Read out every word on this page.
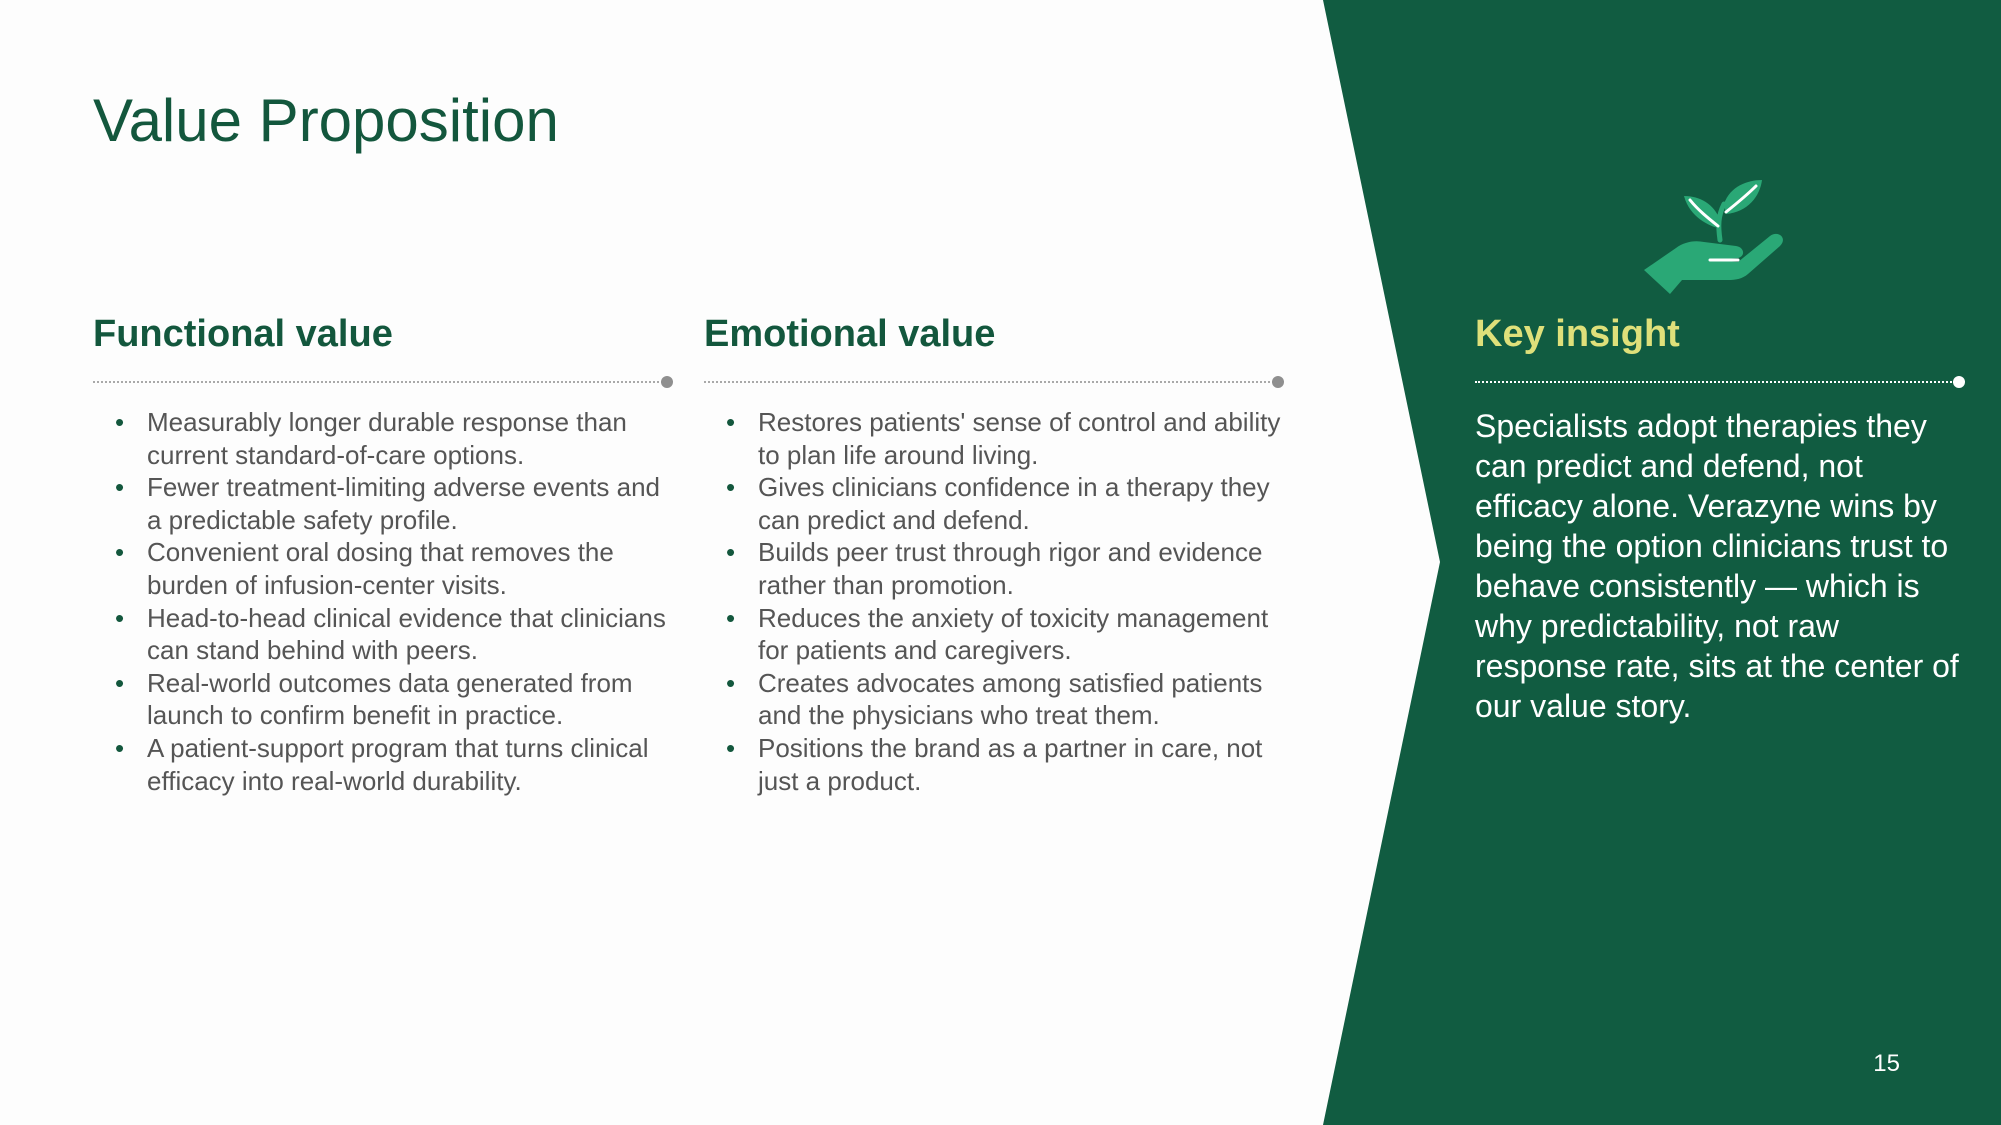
Value Proposition
Functional value
• Measurably longer durable response than current standard-of-care options.
• Fewer treatment-limiting adverse events and a predictable safety profile.
• Convenient oral dosing that removes the burden of infusion-center visits.
• Head-to-head clinical evidence that clinicians can stand behind with peers.
• Real-world outcomes data generated from launch to confirm benefit in practice.
• A patient-support program that turns clinical efficacy into real-world durability.
Emotional value
• Restores patients' sense of control and ability to plan life around living.
• Gives clinicians confidence in a therapy they can predict and defend.
• Builds peer trust through rigor and evidence rather than promotion.
• Reduces the anxiety of toxicity management for patients and caregivers.
• Creates advocates among satisfied patients and the physicians who treat them.
• Positions the brand as a partner in care, not just a product.
Key insight

Specialists adopt therapies they can predict and defend, not efficacy alone. Verazyne wins by being the option clinicians trust to behave consistently — which is why predictability, not raw response rate, sits at the center of our value story.

15
